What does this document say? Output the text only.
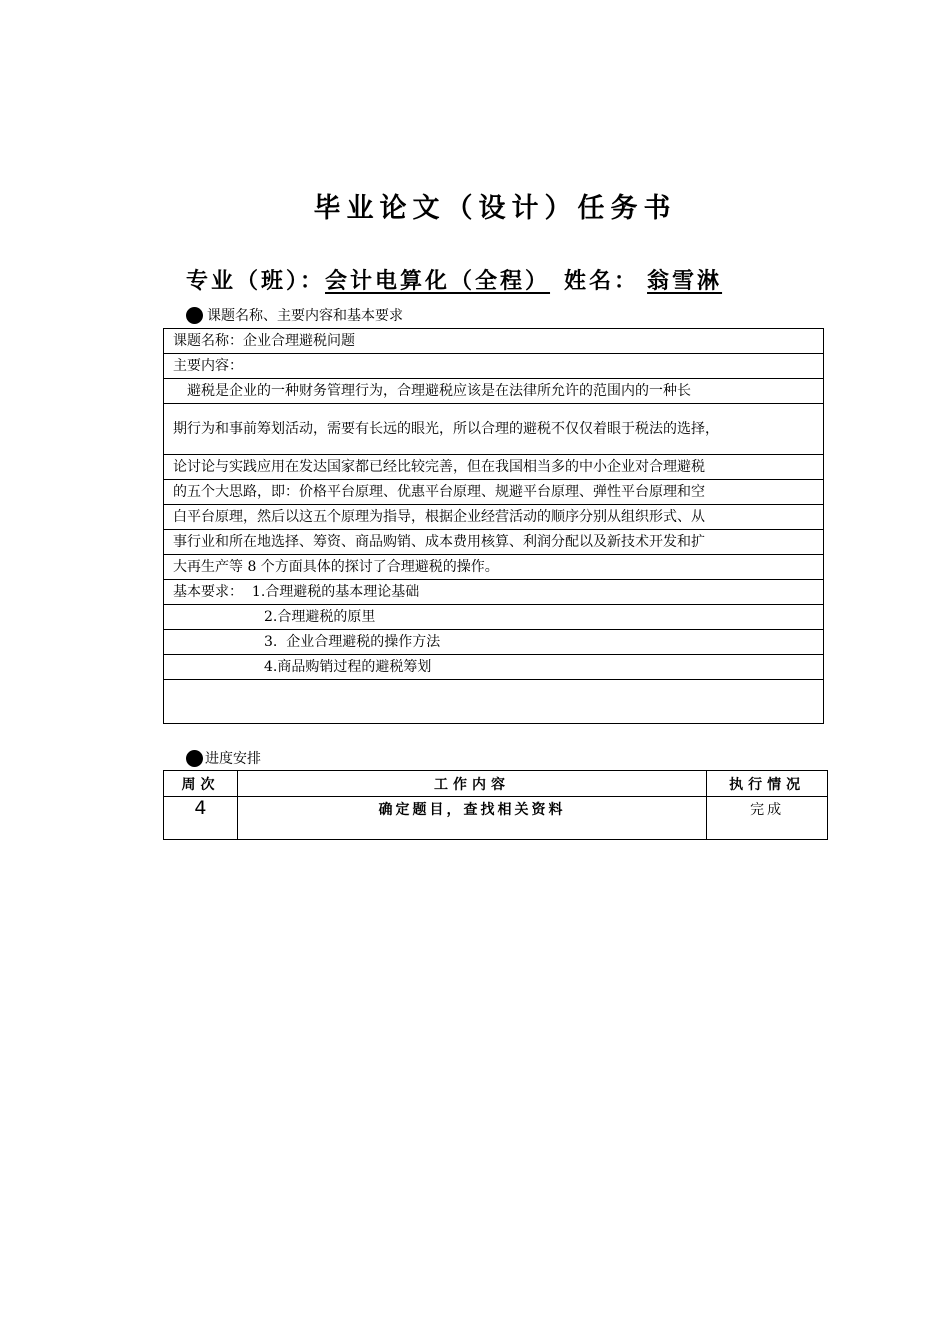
毕业论文（设计）任务书
专业（班）：会计电算化（全程） 姓名： 翁雪淋
课题名称、主要内容和基本要求
课题名称：企业合理避税问题
主要内容：
　避税是企业的一种财务管理行为，合理避税应该是在法律所允许的范围内的一种长
期行为和事前筹划活动，需要有长远的眼光，所以合理的避税不仅仅着眼于税法的选择，
论讨论与实践应用在发达国家都已经比较完善，但在我国相当多的中小企业对合理避税
的五个大思路，即：价格平台原理、优惠平台原理、规避平台原理、弹性平台原理和空
白平台原理，然后以这五个原理为指导，根据企业经营活动的顺序分别从组织形式、从
事行业和所在地选择、筹资、商品购销、成本费用核算、利润分配以及新技术开发和扩
大再生产等 8 个方面具体的探讨了合理避税的操作。
基本要求： 1.合理避税的基本理论基础
2.合理避税的原里
3.  企业合理避税的操作方法
4.商品购销过程的避税筹划

进度安排
周次	工作内容	执行情况
4	确定题目，查找相关资料	完成
